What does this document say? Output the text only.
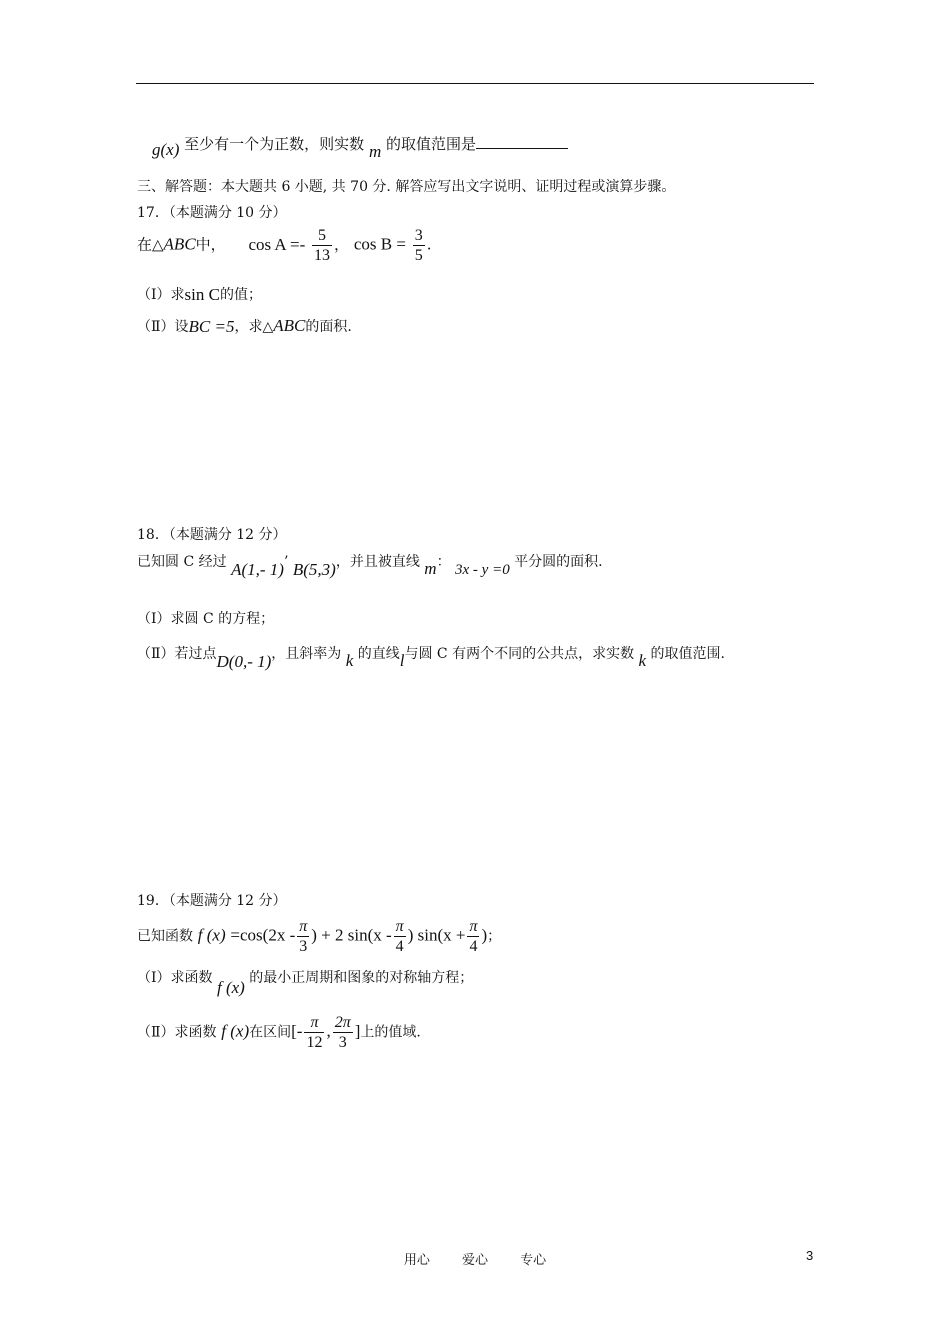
g(x) 至少有一个为正数，则实数 m 的取值范围是
三、解答题：本大题共 6 小题, 共 70 分. 解答应写出文字说明、证明过程或演算步骤。
17．（本题满分 10 分）
在△ABC中， $\cos A =- \frac{5}{13}$ ， $\cos B = \frac{3}{5}$ .
（Ⅰ）求sin C的值；
（Ⅱ）设BC =5，求△ABC的面积.
18．（本题满分 12 分）
已知圆 C 经过 A(1,- 1)’ B(5,3)，并且被直线 m： 3x - y =0 平分圆的面积.
（Ⅰ）求圆 C 的方程；
（Ⅱ）若过点D(0,- 1)，且斜率为 k 的直线l与圆 C 有两个不同的公共点，求实数 k 的取值范围.
19．（本题满分 12 分）
已知函数 f $(x) =\cos(2x - \frac{\pi}{3}$ ) + 2 $\sin(x - \frac{\pi}{4}$ ) $\sin(x + \frac{\pi}{4}$ )；
（Ⅰ）求函数 f (x) 的最小正周期和图象的对称轴方程；
（Ⅱ）求函数 f (x)在区间[- $\frac{\pi}{12}$ , $\frac{2\pi}{3}$ ]上的值域.
用心 爱心 专心	3
